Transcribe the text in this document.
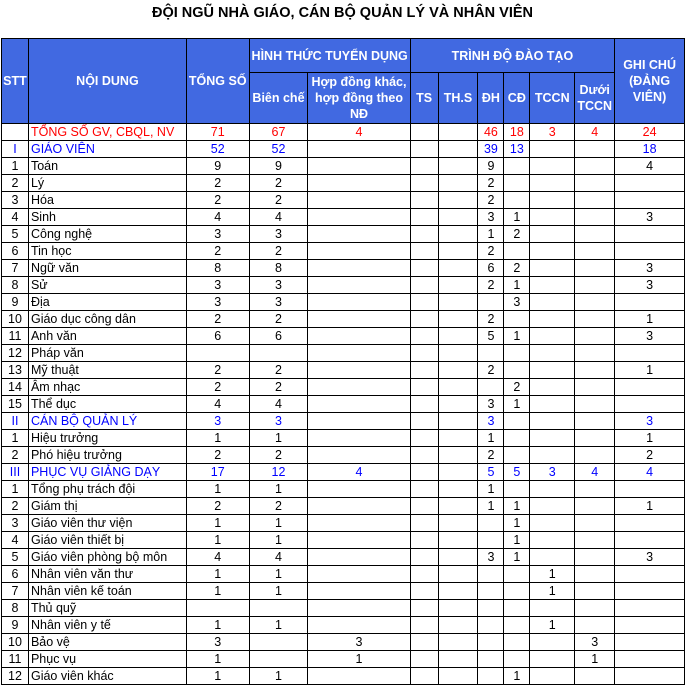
ĐỘI NGŨ NHÀ GIÁO, CÁN BỘ QUẢN LÝ VÀ NHÂN VIÊN
STT	NỘI DUNG	TỔNG SỐ	HÌNH THỨC TUYỂN DỤNG		TRÌNH ĐỘ ĐÀO TẠO						GHI CHÚ (ĐẢNG VIÊN)
			Biên chế	Hợp đồng khác, hợp đồng theo NĐ	TS	TH.S	ĐH	CĐ	TCCN	Dưới TCCN	
	TỔNG SỐ GV, CBQL, NV	71	67	4			46	18	3	4	24
I	GIÁO VIÊN	52	52				39	13			18
1	Toán	9	9				9				4
2	Lý	2	2				2				
3	Hóa	2	2				2				
4	Sinh	4	4				3	1			3
5	Công nghệ	3	3				1	2			
6	Tin học	2	2				2				
7	Ngữ văn	8	8				6	2			3
8	Sử	3	3				2	1			3
9	Địa	3	3					3			
10	Giáo dục công dân	2	2				2				1
11	Anh văn	6	6				5	1			3
12	Pháp văn										
13	Mỹ thuật	2	2				2				1
14	Âm nhạc	2	2					2			
15	Thể dục	4	4				3	1			
II	CÁN BỘ QUẢN LÝ	3	3				3				3
1	Hiệu trưởng	1	1				1				1
2	Phó hiệu trưởng	2	2				2				2
III	PHỤC VỤ GIẢNG DẠY	17	12	4			5	5	3	4	4
1	Tổng phụ trách đội	1	1				1				
2	Giám thị	2	2				1	1			1
3	Giáo viên thư viện	1	1					1			
4	Giáo viên thiết bị	1	1					1			
5	Giáo viên phòng bộ môn	4	4				3	1			3
6	Nhân viên văn thư	1	1						1		
7	Nhân viên kế toán	1	1						1		
8	Thủ quỹ										
9	Nhân viên y tế	1	1						1		
10	Bảo vệ	3		3						3	
11	Phục vụ	1		1						1	
12	Giáo viên khác	1	1					1			
